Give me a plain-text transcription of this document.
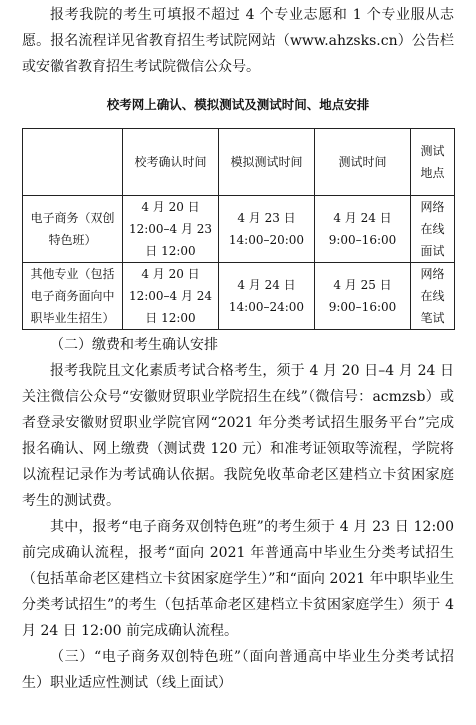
报考我院的考生可填报不超过 4 个专业志愿和 1 个专业服从志愿。报名流程详见省教育招生考试院网站（www.ahzsks.cn）公告栏或安徽省教育招生考试院微信公众号。

校考网上确认、模拟测试及测试时间、地点安排
	校考确认时间	模拟测试时间	测试时间	测试地点
电子商务（双创特色班）	4 月 20 日 12:00–4 月 23 日 12:00	4 月 23 日 14:00–20:00	4 月 24 日 9:00–16:00	网络在线面试
其他专业（包括电子商务面向中职毕业生招生）	4 月 20 日 12:00–4 月 24 日 12:00	4 月 24 日 14:00–24:00	4 月 25 日 9:00–16:00	网络在线笔试

（二）缴费和考生确认安排

报考我院且文化素质考试合格考生，须于 4 月 20 日–4 月 24 日关注微信公众号“安徽财贸职业学院招生在线”（微信号：acmzsb）或者登录安徽财贸职业学院官网“2021 年分类考试招生服务平台”完成报名确认、网上缴费（测试费 120 元）和准考证领取等流程，学院将以流程记录作为考试确认依据。我院免收革命老区建档立卡贫困家庭考生的测试费。

其中，报考“电子商务双创特色班”的考生须于 4 月 23 日 12:00 前完成确认流程，报考“面向 2021 年普通高中毕业生分类考试招生（包括革命老区建档立卡贫困家庭学生）”和“面向 2021 年中职毕业生分类考试招生”的考生（包括革命老区建档立卡贫困家庭学生）须于 4 月 24 日 12:00 前完成确认流程。

（三）“电子商务双创特色班”（面向普通高中毕业生分类考试招生）职业适应性测试（线上面试）
